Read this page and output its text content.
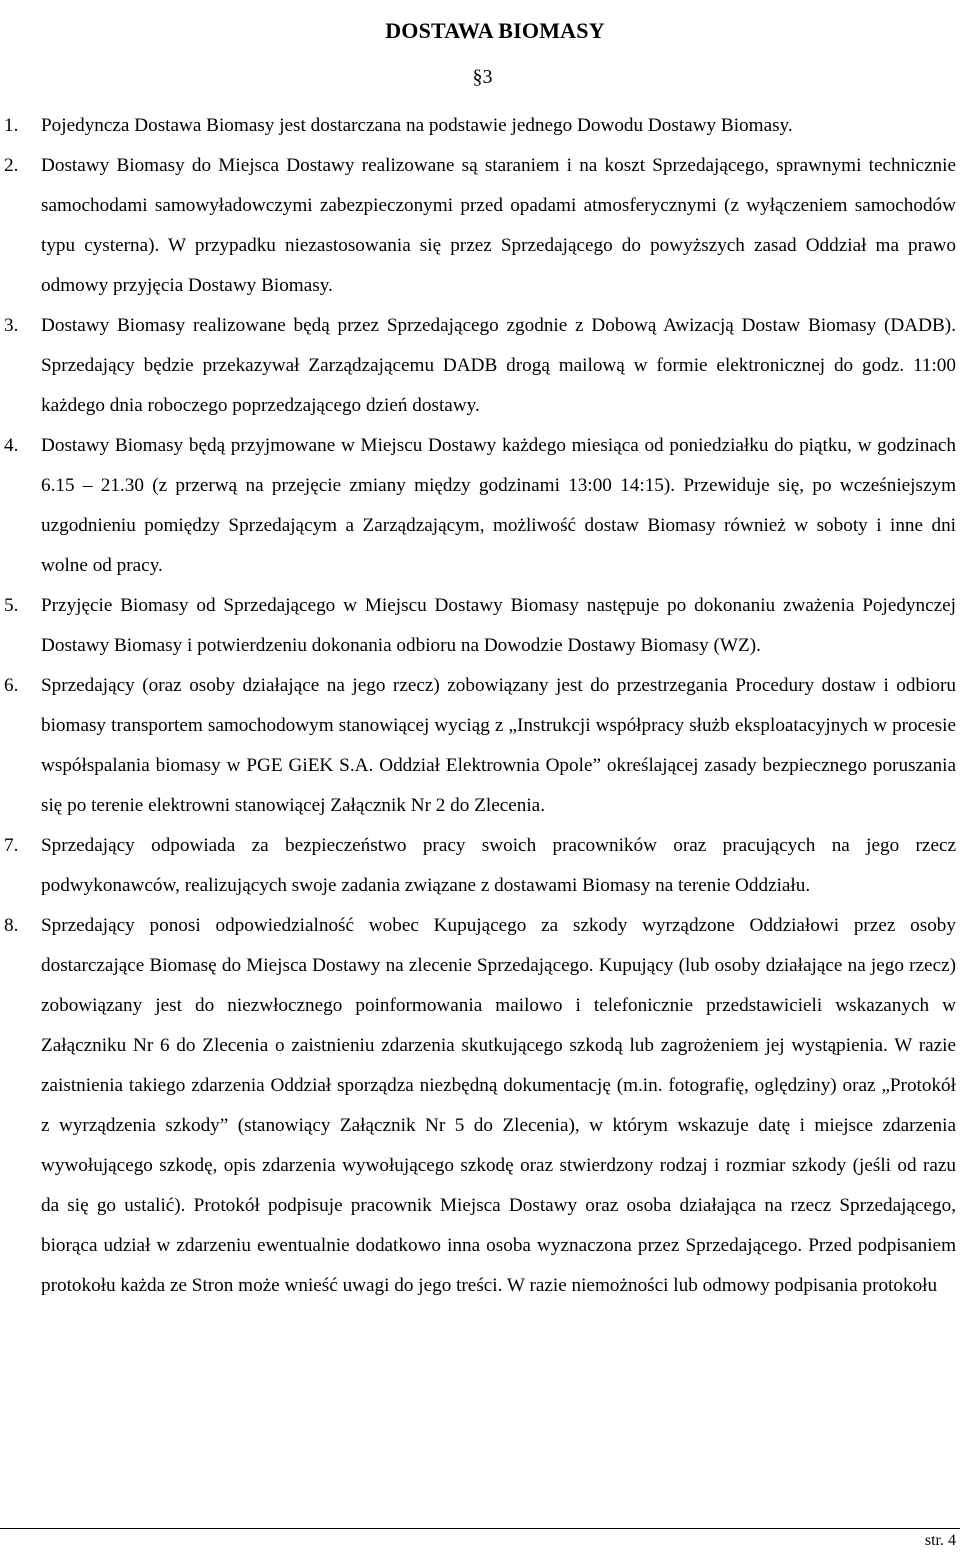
DOSTAWA BIOMASY
§3
1. Pojedyncza Dostawa Biomasy jest dostarczana na podstawie jednego Dowodu Dostawy Biomasy.
2. Dostawy Biomasy do Miejsca Dostawy realizowane są staraniem i na koszt Sprzedającego, sprawnymi technicznie samochodami samowyładowczymi zabezpieczonymi przed opadami atmosferycznymi (z wyłączeniem samochodów typu cysterna). W przypadku niezastosowania się przez Sprzedającego do powyższych zasad Oddział ma prawo odmowy przyjęcia Dostawy Biomasy.
3. Dostawy Biomasy realizowane będą przez Sprzedającego zgodnie z Dobową Awizacją Dostaw Biomasy (DADB). Sprzedający będzie przekazywał Zarządzającemu DADB drogą mailową w formie elektronicznej do godz. 11:00 każdego dnia roboczego poprzedzającego dzień dostawy.
4. Dostawy Biomasy będą przyjmowane w Miejscu Dostawy każdego miesiąca od poniedziałku do piątku, w godzinach 6.15 – 21.30 (z przerwą na przejęcie zmiany między godzinami 13:00 14:15). Przewiduje się, po wcześniejszym uzgodnieniu pomiędzy Sprzedającym a Zarządzającym, możliwość dostaw Biomasy również w soboty i inne dni wolne od pracy.
5. Przyjęcie Biomasy od Sprzedającego w Miejscu Dostawy Biomasy następuje po dokonaniu zważenia Pojedynczej Dostawy Biomasy i potwierdzeniu dokonania odbioru na Dowodzie Dostawy Biomasy (WZ).
6. Sprzedający (oraz osoby działające na jego rzecz) zobowiązany jest do przestrzegania Procedury dostaw i odbioru biomasy transportem samochodowym stanowiącej wyciąg z „Instrukcji współpracy służb eksploatacyjnych w procesie współspalania biomasy w PGE GiEK S.A. Oddział Elektrownia Opole” określającej zasady bezpiecznego poruszania się po terenie elektrowni stanowiącej Załącznik Nr 2 do Zlecenia.
7. Sprzedający odpowiada za bezpieczeństwo pracy swoich pracowników oraz pracujących na jego rzecz podwykonawców, realizujących swoje zadania związane z dostawami Biomasy na terenie Oddziału.
8. Sprzedający ponosi odpowiedzialność wobec Kupującego za szkody wyrządzone Oddziałowi przez osoby dostarczające Biomasę do Miejsca Dostawy na zlecenie Sprzedającego. Kupujący (lub osoby działające na jego rzecz) zobowiązany jest do niezwłocznego poinformowania mailowo i telefonicznie przedstawicieli wskazanych w Załączniku Nr 6 do Zlecenia o zaistnieniu zdarzenia skutkującego szkodą lub zagrożeniem jej wystąpienia. W razie zaistnienia takiego zdarzenia Oddział sporządza niezbędną dokumentację (m.in. fotografię, oględziny) oraz „Protokół z wyrządzenia szkody” (stanowiący Załącznik Nr 5 do Zlecenia), w którym wskazuje datę i miejsce zdarzenia wywołującego szkodę, opis zdarzenia wywołującego szkodę oraz stwierdzony rodzaj i rozmiar szkody (jeśli od razu da się go ustalić). Protokół podpisuje pracownik Miejsca Dostawy oraz osoba działająca na rzecz Sprzedającego, biorąca udział w zdarzeniu ewentualnie dodatkowo inna osoba wyznaczona przez Sprzedającego. Przed podpisaniem protokołu każda ze Stron może wnieść uwagi do jego treści. W razie niemożności lub odmowy podpisania protokołu
str. 4
